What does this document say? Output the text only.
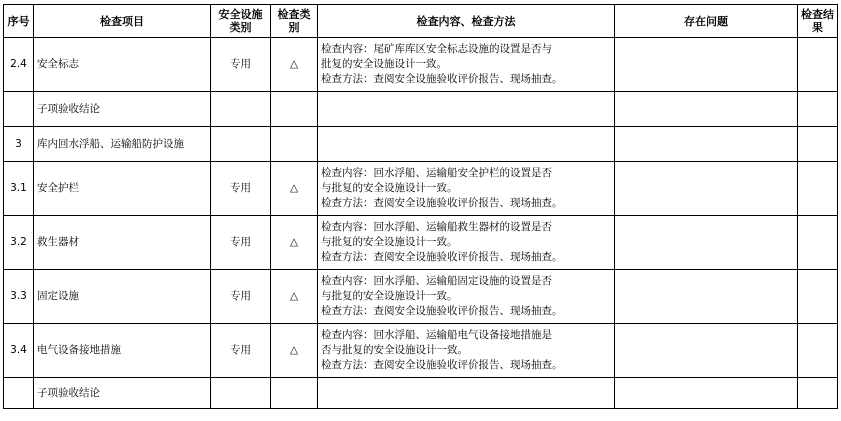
序号	检查项目	安全设施类别	检查类别	检查内容、检查方法	存在问题	检查结果
2.4	安全标志	专用	△	检查内容：尾矿库库区安全标志设施的设置是否与
批复的安全设施设计一致。
检查方法：查阅安全设施验收评价报告、现场抽查。		

	子项验收结论					
3	库内回水浮船、运输船防护设施					
3.1	安全护栏	专用	△	检查内容：回水浮船、运输船安全护栏的设置是否
与批复的安全设施设计一致。
检查方法：查阅安全设施验收评价报告、现场抽查。		

3.2	救生器材	专用	△	检查内容：回水浮船、运输船救生器材的设置是否
与批复的安全设施设计一致。
检查方法：查阅安全设施验收评价报告、现场抽查。		

3.3	固定设施	专用	△	检查内容：回水浮船、运输船固定设施的设置是否
与批复的安全设施设计一致。
检查方法：查阅安全设施验收评价报告、现场抽查。		

3.4	电气设备接地措施	专用	△	检查内容：回水浮船、运输船电气设备接地措施是
否与批复的安全设施设计一致。
检查方法：查阅安全设施验收评价报告、现场抽查。		

	子项验收结论					
